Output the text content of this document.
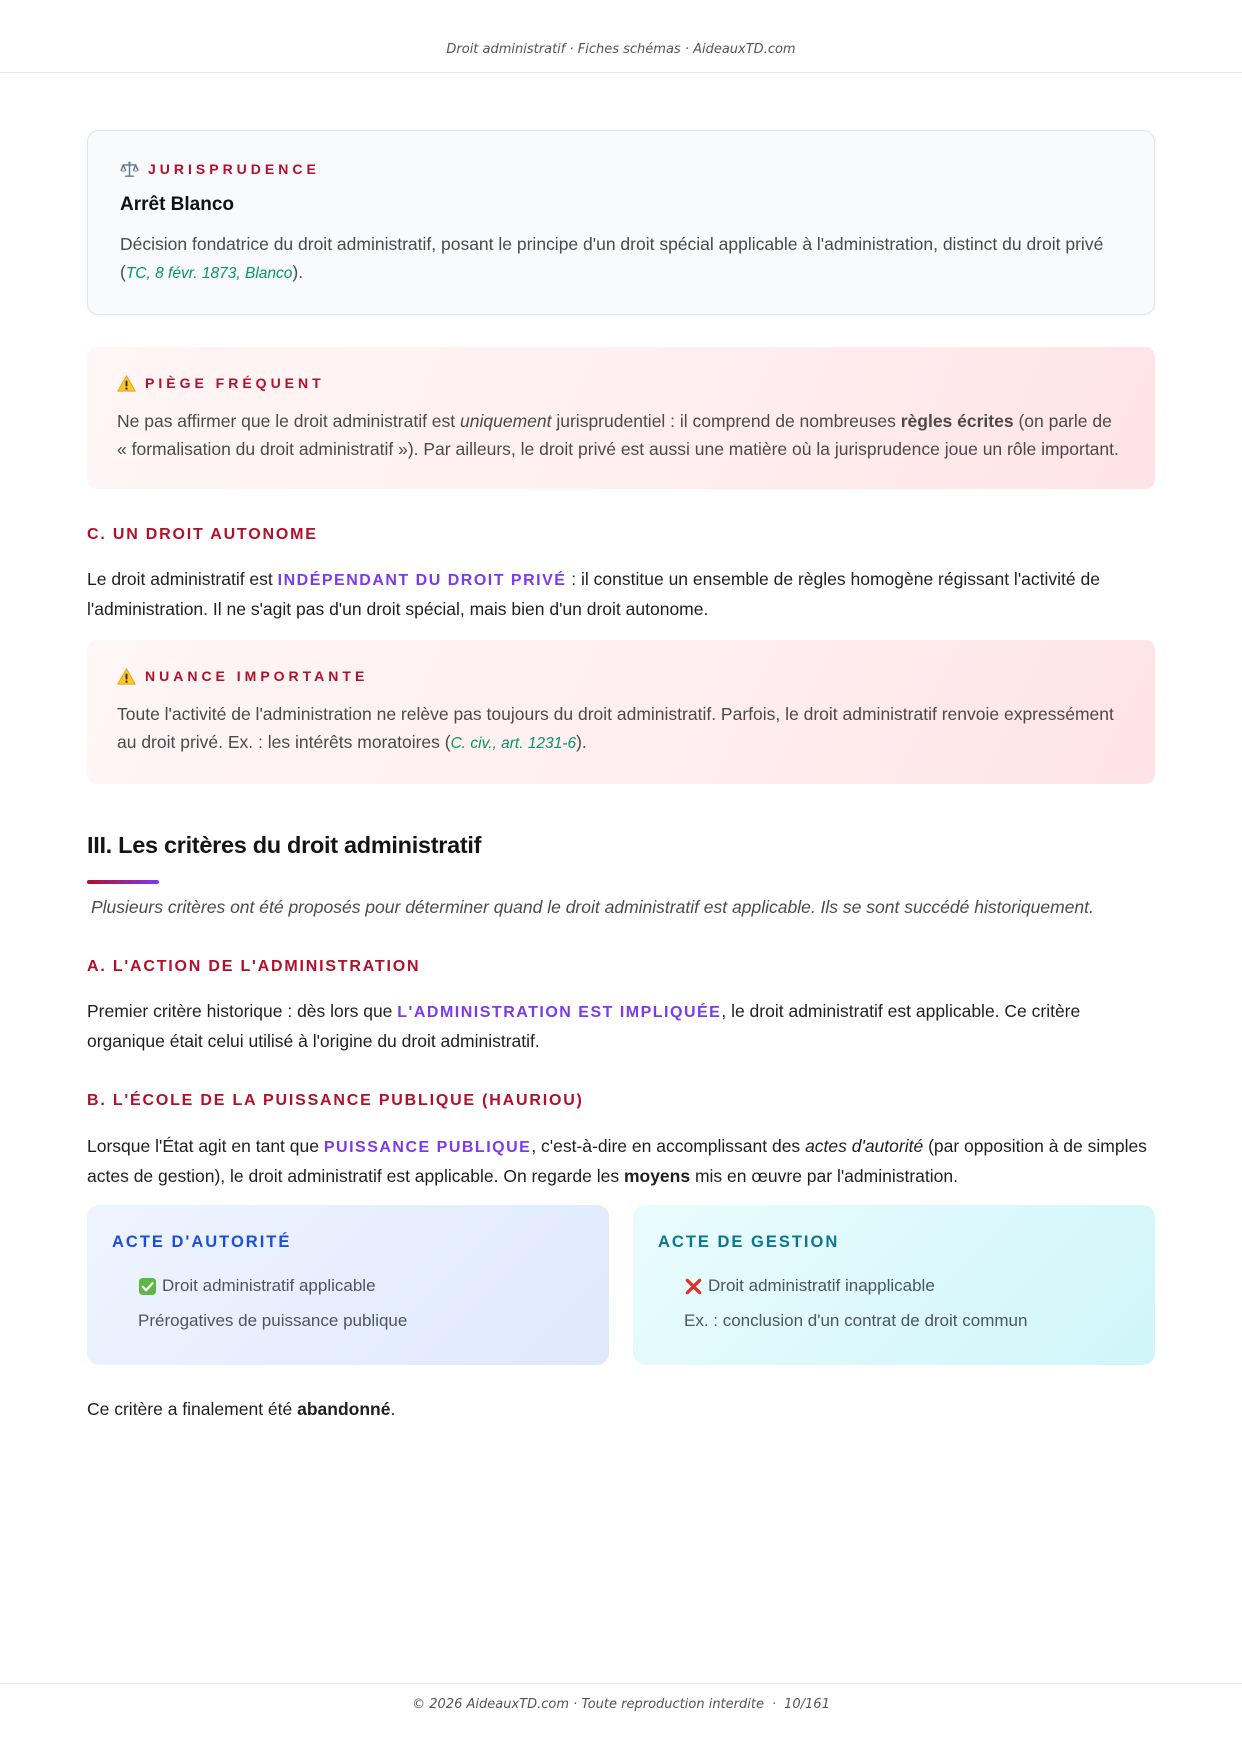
Droit administratif · Fiches schémas · AideauxTD.com
JURISPRUDENCE
Arrêt Blanco

Décision fondatrice du droit administratif, posant le principe d'un droit spécial applicable à l'administration, distinct du droit privé (TC, 8 févr. 1873, Blanco).

PIÈGE FRÉQUENT

Ne pas affirmer que le droit administratif est uniquement jurisprudentiel : il comprend de nombreuses règles écrites (on parle de « formalisation du droit administratif »). Par ailleurs, le droit privé est aussi une matière où la jurisprudence joue un rôle important.

C. UN DROIT AUTONOME

Le droit administratif est INDÉPENDANT DU DROIT PRIVÉ : il constitue un ensemble de règles homogène régissant l'activité de l'administration. Il ne s'agit pas d'un droit spécial, mais bien d'un droit autonome.

NUANCE IMPORTANTE

Toute l'activité de l'administration ne relève pas toujours du droit administratif. Parfois, le droit administratif renvoie expressément au droit privé. Ex. : les intérêts moratoires (C. civ., art. 1231-6).

III. Les critères du droit administratif

Plusieurs critères ont été proposés pour déterminer quand le droit administratif est applicable. Ils se sont succédé historiquement.

A. L'ACTION DE L'ADMINISTRATION

Premier critère historique : dès lors que L'ADMINISTRATION EST IMPLIQUÉE, le droit administratif est applicable. Ce critère organique était celui utilisé à l'origine du droit administratif.

B. L'ÉCOLE DE LA PUISSANCE PUBLIQUE (HAURIOU)

Lorsque l'État agit en tant que PUISSANCE PUBLIQUE, c'est-à-dire en accomplissant des actes d'autorité (par opposition à de simples actes de gestion), le droit administratif est applicable. On regarde les moyens mis en œuvre par l'administration.

ACTE D'AUTORITÉ
Droit administratif applicable
Prérogatives de puissance publique
ACTE DE GESTION
Droit administratif inapplicable
Ex. : conclusion d'un contrat de droit commun

Ce critère a finalement été abandonné.

© 2026 AideauxTD.com · Toute reproduction interdite · 10/161
